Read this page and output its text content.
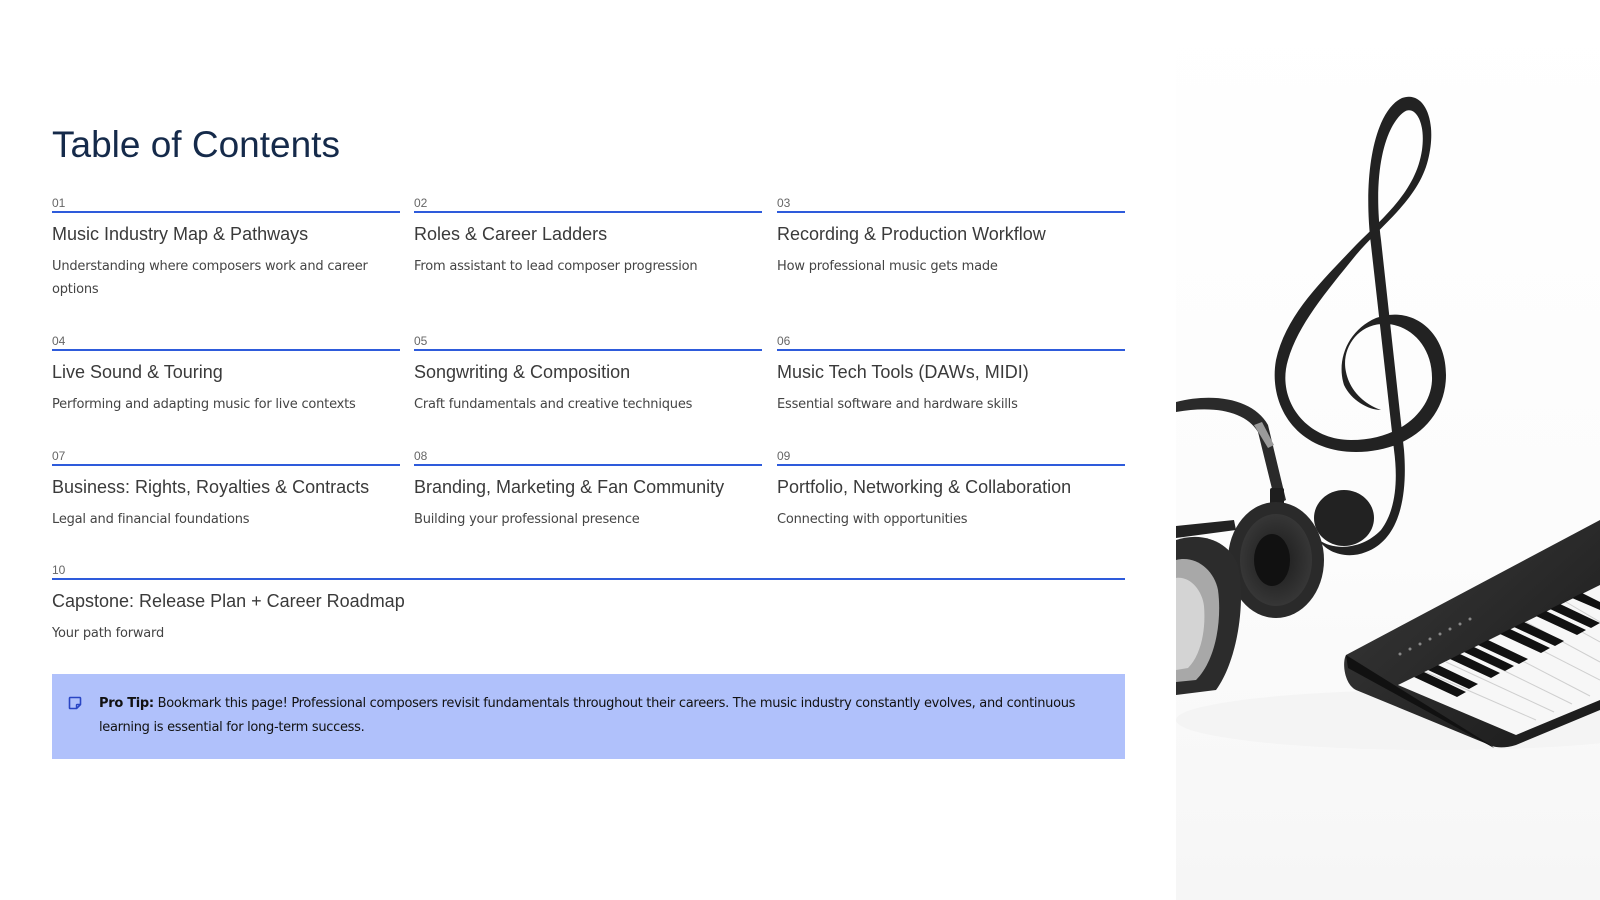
Table of Contents
01
Music Industry Map & Pathways
Understanding where composers work and career options
02
Roles & Career Ladders
From assistant to lead composer progression
03
Recording & Production Workflow
How professional music gets made
04
Live Sound & Touring
Performing and adapting music for live contexts
05
Songwriting & Composition
Craft fundamentals and creative techniques
06
Music Tech Tools (DAWs, MIDI)
Essential software and hardware skills
07
Business: Rights, Royalties & Contracts
Legal and financial foundations
08
Branding, Marketing & Fan Community
Building your professional presence
09
Portfolio, Networking & Collaboration
Connecting with opportunities
10
Capstone: Release Plan + Career Roadmap
Your path forward

Pro Tip: Bookmark this page! Professional composers revisit fundamentals throughout their careers. The music industry constantly evolves, and continuous learning is essential for long-term success.
